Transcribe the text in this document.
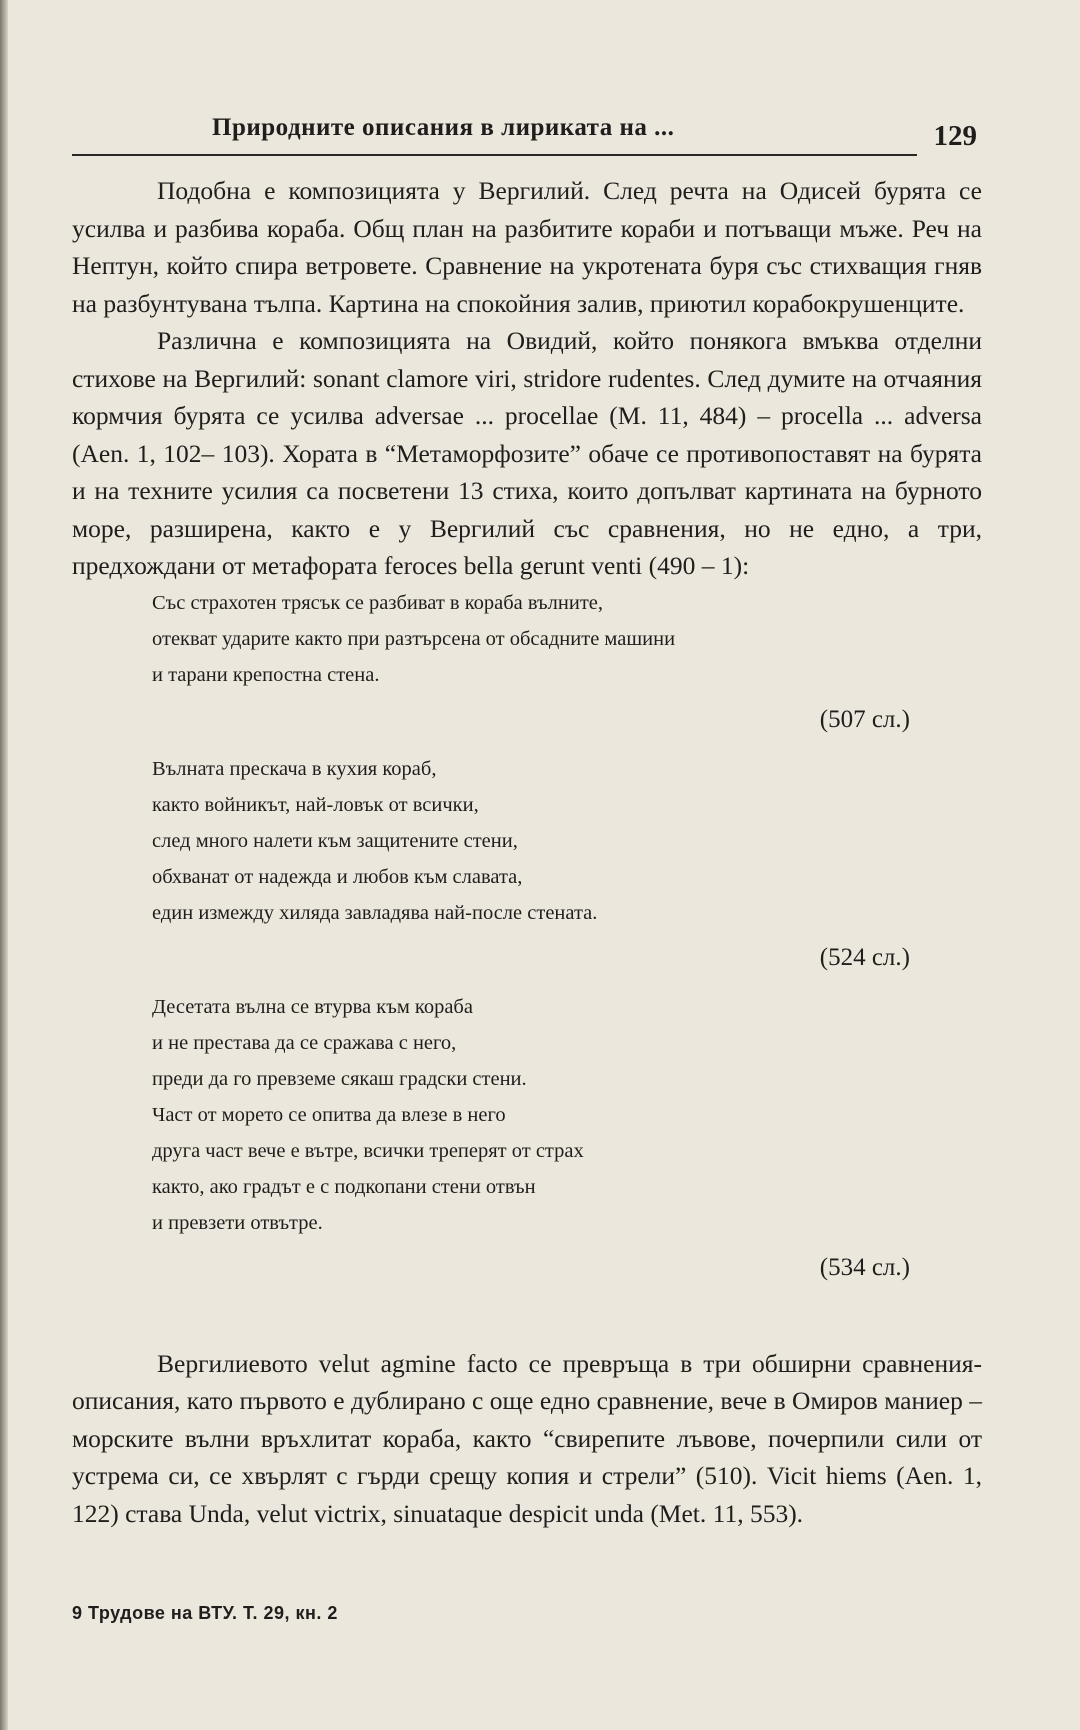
Природните описания в лириката на ...	129

Подобна е композицията у Вергилий. След речта на Одисей бурята се усилва и разбива кораба. Общ план на разбитите кораби и потъващи мъже. Реч на Нептун, който спира ветровете. Сравнение на укротената буря със стихващия гняв на разбунтувана тълпа. Картина на спокойния залив, приютил корабокрушенците.

Различна е композицията на Овидий, който понякога вмъква отделни стихове на Вергилий: sonant clamore viri, stridore rudentes. След думите на отчаяния кормчия бурята се усилва adversae ... procellae (M. 11, 484) – procella ... adversa (Aen. 1, 102– 103). Хората в “Метаморфозите” обаче се противопоставят на бурята и на техните усилия са посветени 13 стиха, които допълват картината на бурното море, разширена, както е у Вергилий със сравнения, но не едно, а три, предхождани от метафората feroces bella gerunt venti (490 – 1):

Със страхотен трясък се разбиват в кораба вълните,
отекват ударите както при разтърсена от обсадните машини
и тарани крепостна стена.
(507 сл.)
Вълната прескача в кухия кораб,
както войникът, най-ловък от всички,
след много налети към защитените стени,
обхванат от надежда и любов към славата,
един измежду хиляда завладява най-после стената.
(524 сл.)
Десетата вълна се втурва към кораба
и не престава да се сражава с него,
преди да го превземе сякаш градски стени.
Част от морето се опитва да влезе в него
друга част вече е вътре, всички треперят от страх
както, ако градът е с подкопани стени отвън
и превзети отвътре.
(534 сл.)

Вергилиевото velut agmine facto се превръща в три обширни сравнения-описания, като първото е дублирано с още едно сравнение, вече в Омиров маниер – морските вълни връхлитат кораба, както “свирепите лъвове, почерпили сили от устрема си, се хвърлят с гърди срещу копия и стрели” (510). Vicit hiems (Aen. 1, 122) става Unda, velut victrix, sinuataque despicit unda (Met. 11, 553).

9 Трудове на ВТУ. Т. 29, кн. 2
